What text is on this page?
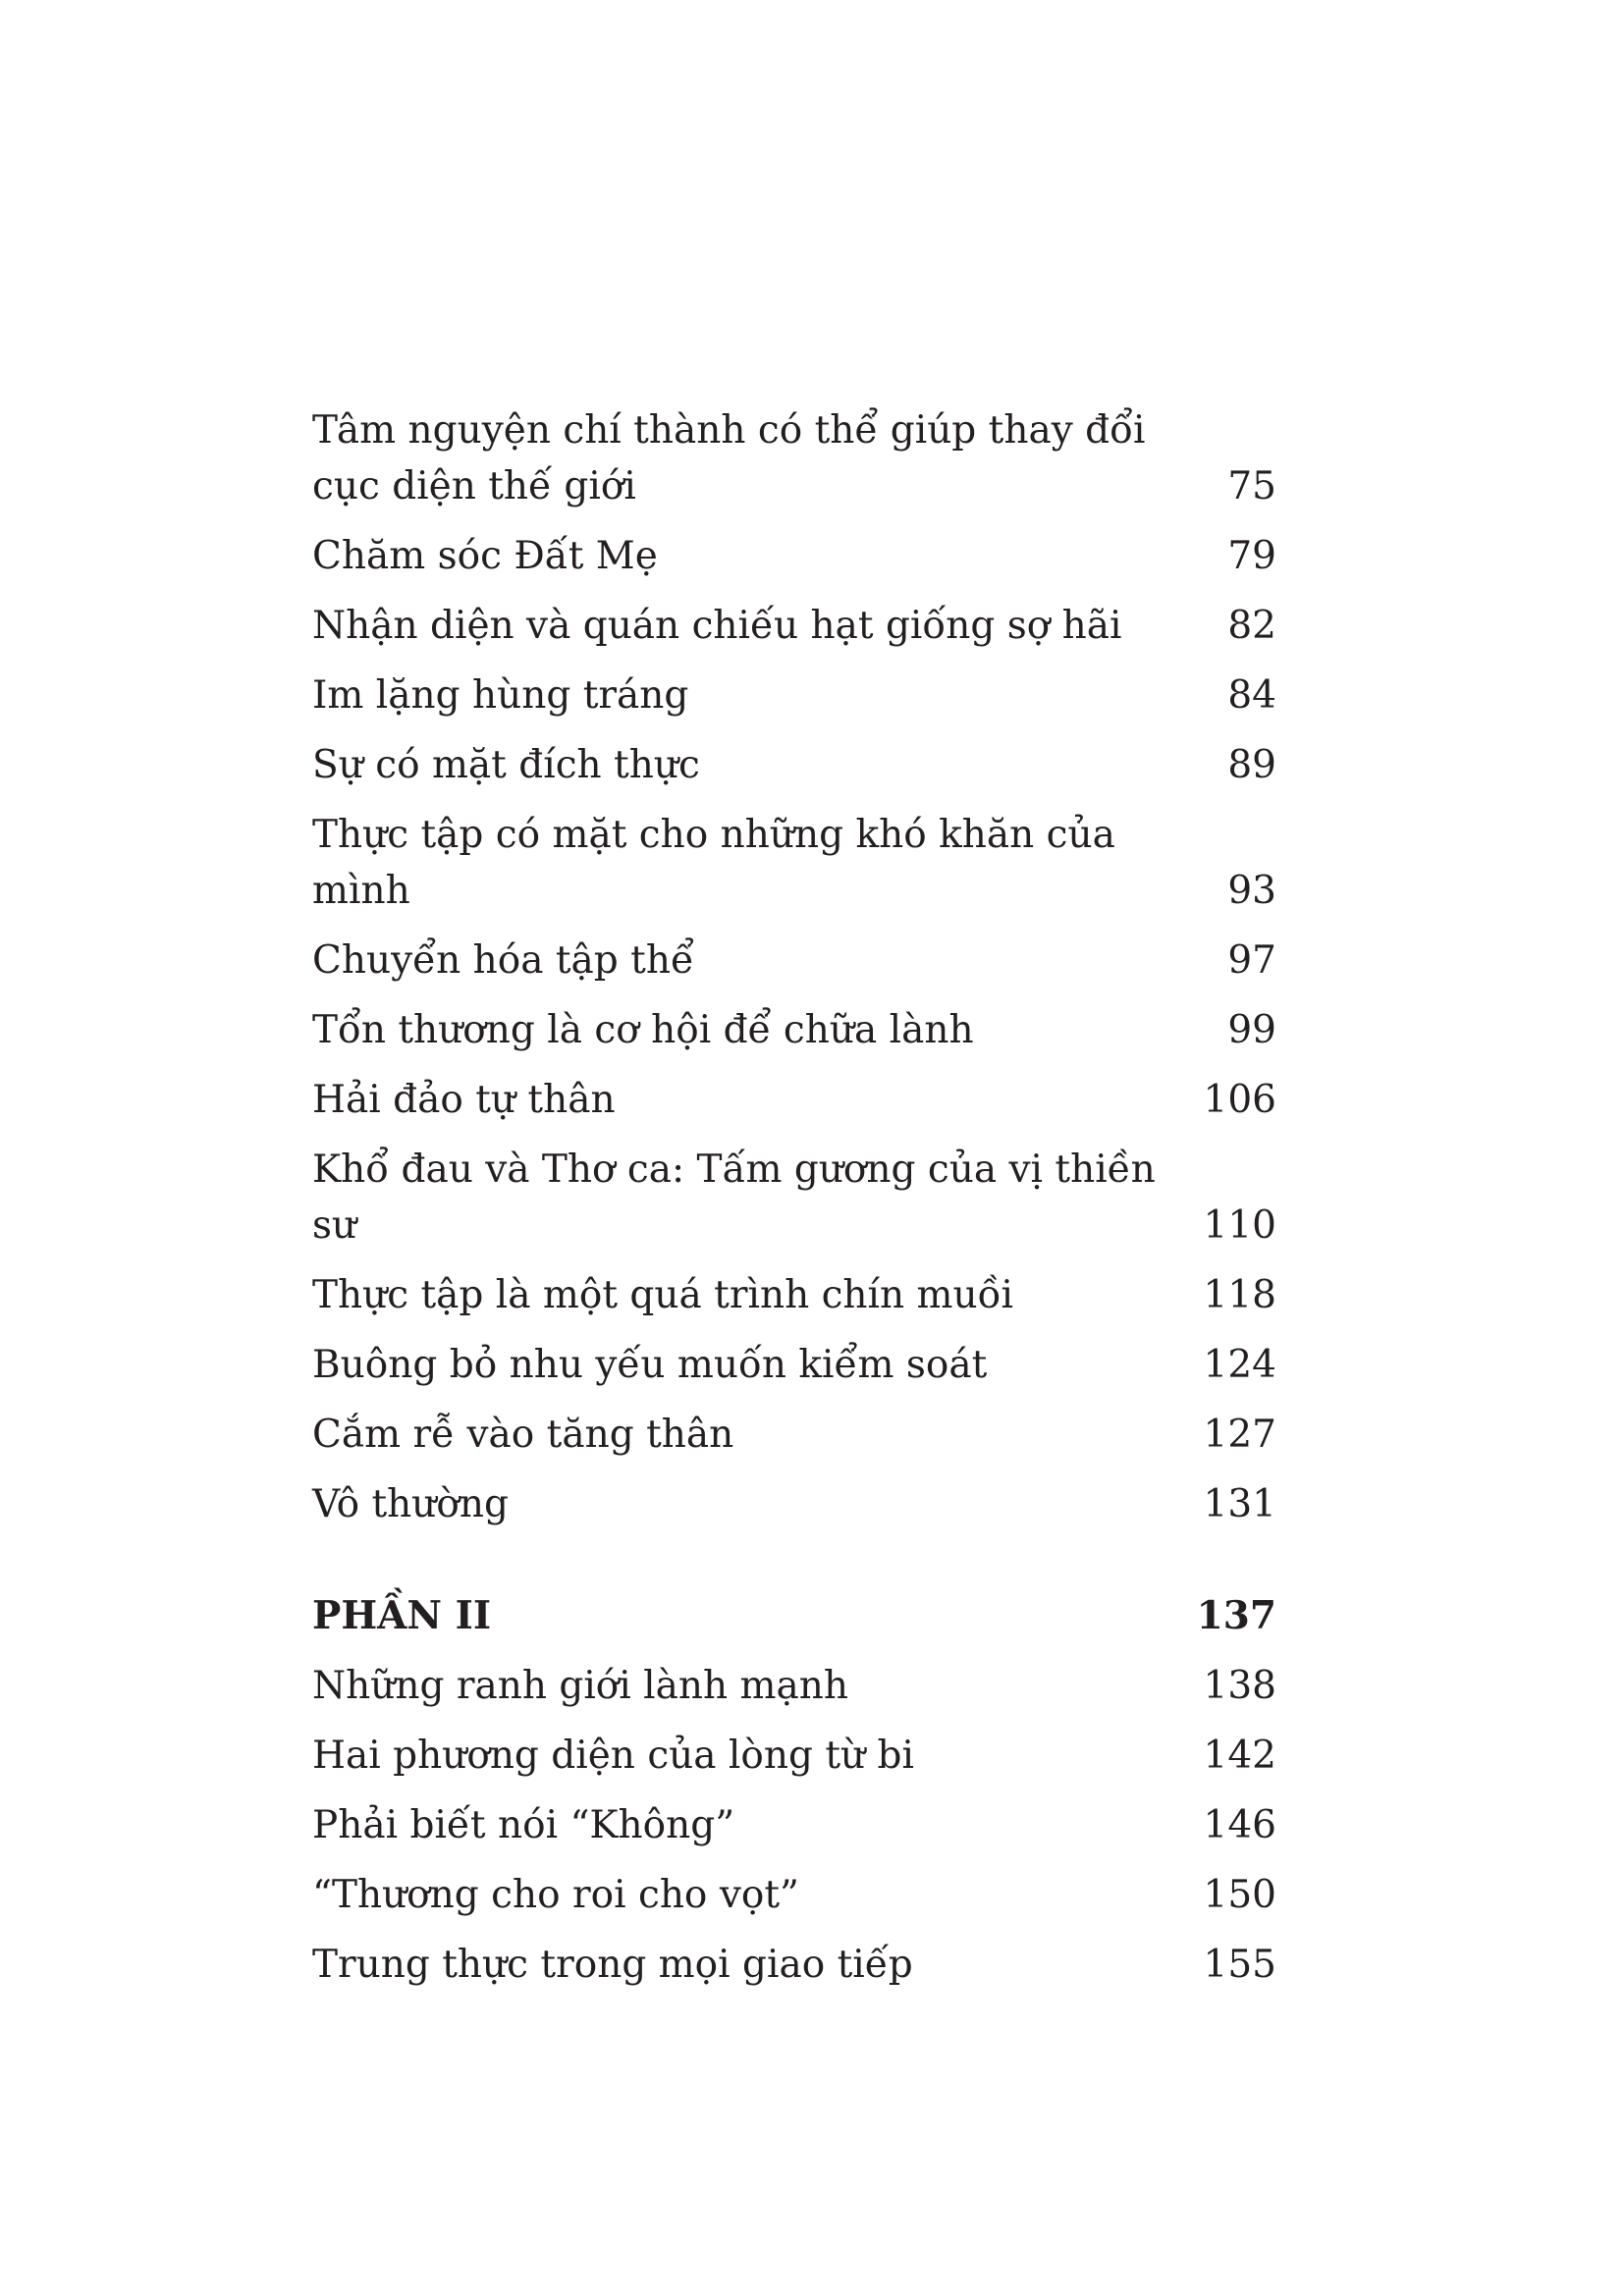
Tâm nguyện chí thành có thể giúp thay đổi
cục diện thế giới	75
Chăm sóc Đất Mẹ	79
Nhận diện và quán chiếu hạt giống sợ hãi	82
Im lặng hùng tráng	84
Sự có mặt đích thực	89
Thực tập có mặt cho những khó khăn của mình	93
Chuyển hóa tập thể	97
Tổn thương là cơ hội để chữa lành	99
Hải đảo tự thân	106
Khổ đau và Thơ ca: Tấm gương của vị thiền sư	110
Thực tập là một quá trình chín muồi	118
Buông bỏ nhu yếu muốn kiểm soát	124
Cắm rễ vào tăng thân	127
Vô thường	131
PHẦN II	137
Những ranh giới lành mạnh	138
Hai phương diện của lòng từ bi	142
Phải biết nói “Không”	146
“Thương cho roi cho vọt”	150
Trung thực trong mọi giao tiếp	155
